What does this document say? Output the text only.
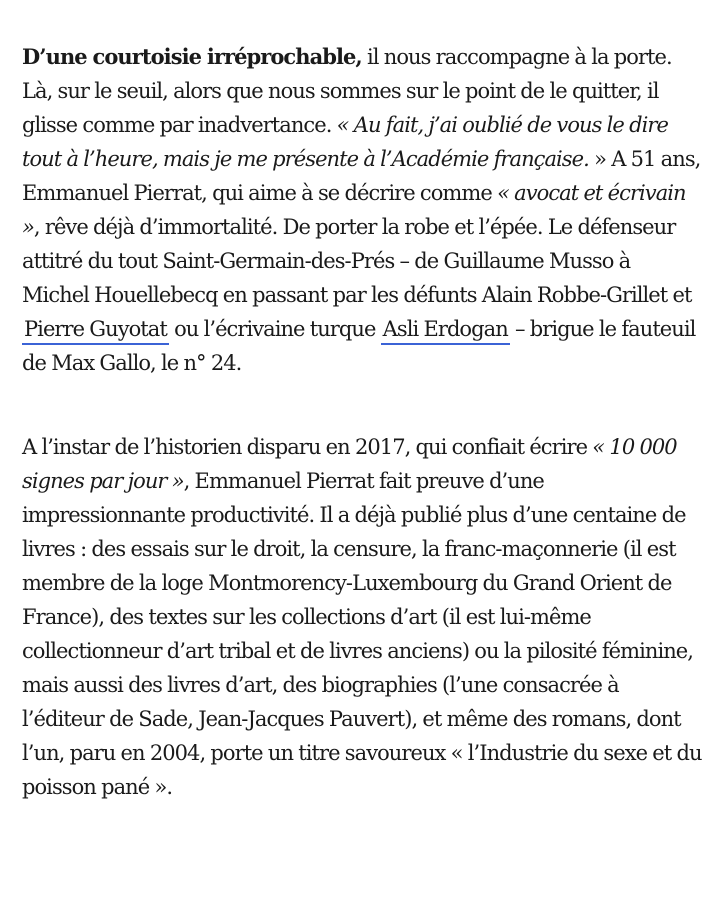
D’une courtoisie irréprochable, il nous raccompagne à la porte. Là, sur le seuil, alors que nous sommes sur le point de le quitter, il glisse comme par inadvertance. « Au fait, j’ai oublié de vous le dire tout à l’heure, mais je me présente à l’Académie française. » A 51 ans, Emmanuel Pierrat, qui aime à se décrire comme « avocat et écrivain », rêve déjà d’immortalité. De porter la robe et l’épée. Le défenseur attitré du tout Saint-Germain-des-Prés – de Guillaume Musso à Michel Houellebecq en passant par les défunts Alain Robbe-Grillet et Pierre Guyotat ou l’écrivaine turque Asli Erdogan – brigue le fauteuil de Max Gallo, le n° 24.

A l’instar de l’historien disparu en 2017, qui confiait écrire « 10 000 signes par jour », Emmanuel Pierrat fait preuve d’une impressionnante productivité. Il a déjà publié plus d’une centaine de livres : des essais sur le droit, la censure, la franc-maçonnerie (il est membre de la loge Montmorency-Luxembourg du Grand Orient de France), des textes sur les collections d’art (il est lui-même collectionneur d’art tribal et de livres anciens) ou la pilosité féminine, mais aussi des livres d’art, des biographies (l’une consacrée à l’éditeur de Sade, Jean-Jacques Pauvert), et même des romans, dont l’un, paru en 2004, porte un titre savoureux « l’Industrie du sexe et du poisson pané ».
